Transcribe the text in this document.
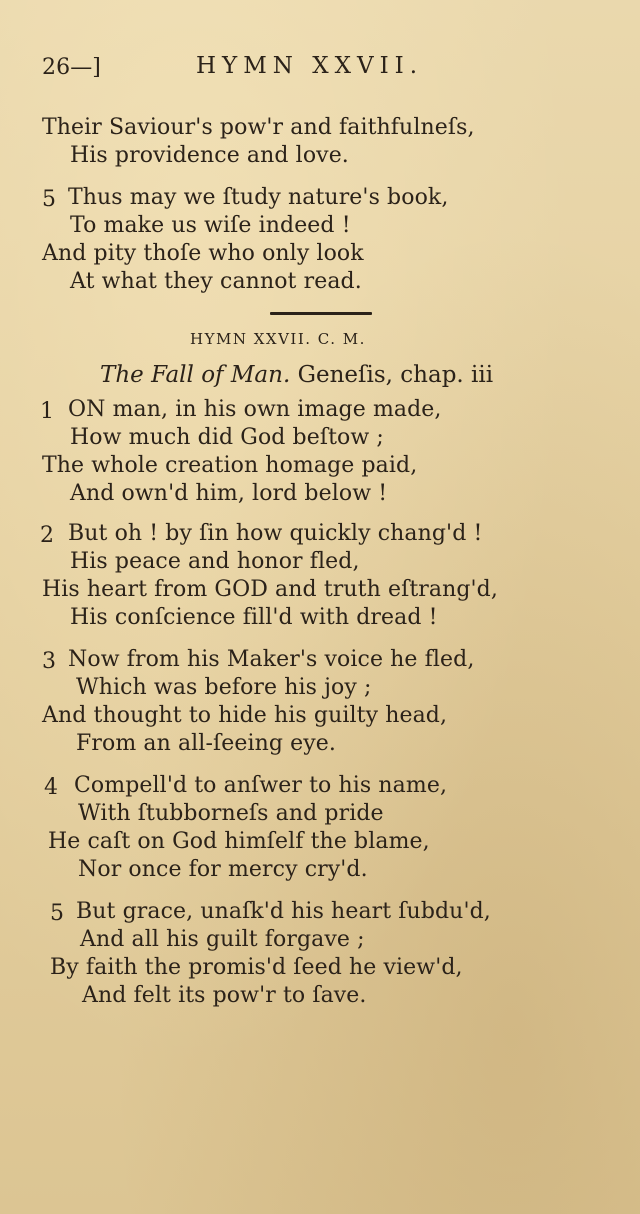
26—]	HYMN XXVII.
Their Saviour's pow'r and faithfulneſs,
His providence and love.
5 Thus may we ſtudy nature's book,
To make us wiſe indeed !
And pity thoſe who only look
At what they cannot read.
HYMN XXVII. C. M.
The Fall of Man. Geneſis, chap. iii
1 ON man, in his own image made,
How much did God beſtow ;
The whole creation homage paid,
And own'd him, lord below !
2 But oh ! by ſin how quickly chang'd !
His peace and honor fled,
His heart from GOD and truth eſtrang'd,
His conſcience fill'd with dread !
3 Now from his Maker's voice he fled,
Which was before his joy ;
And thought to hide his guilty head,
From an all-ſeeing eye.
4 Compell'd to anſwer to his name,
With ſtubborneſs and pride
He caſt on God himſelf the blame,
Nor once for mercy cry'd.
5 But grace, unaſk'd his heart ſubdu'd,
And all his guilt forgave ;
By faith the promis'd ſeed he view'd,
And felt its pow'r to ſave.
